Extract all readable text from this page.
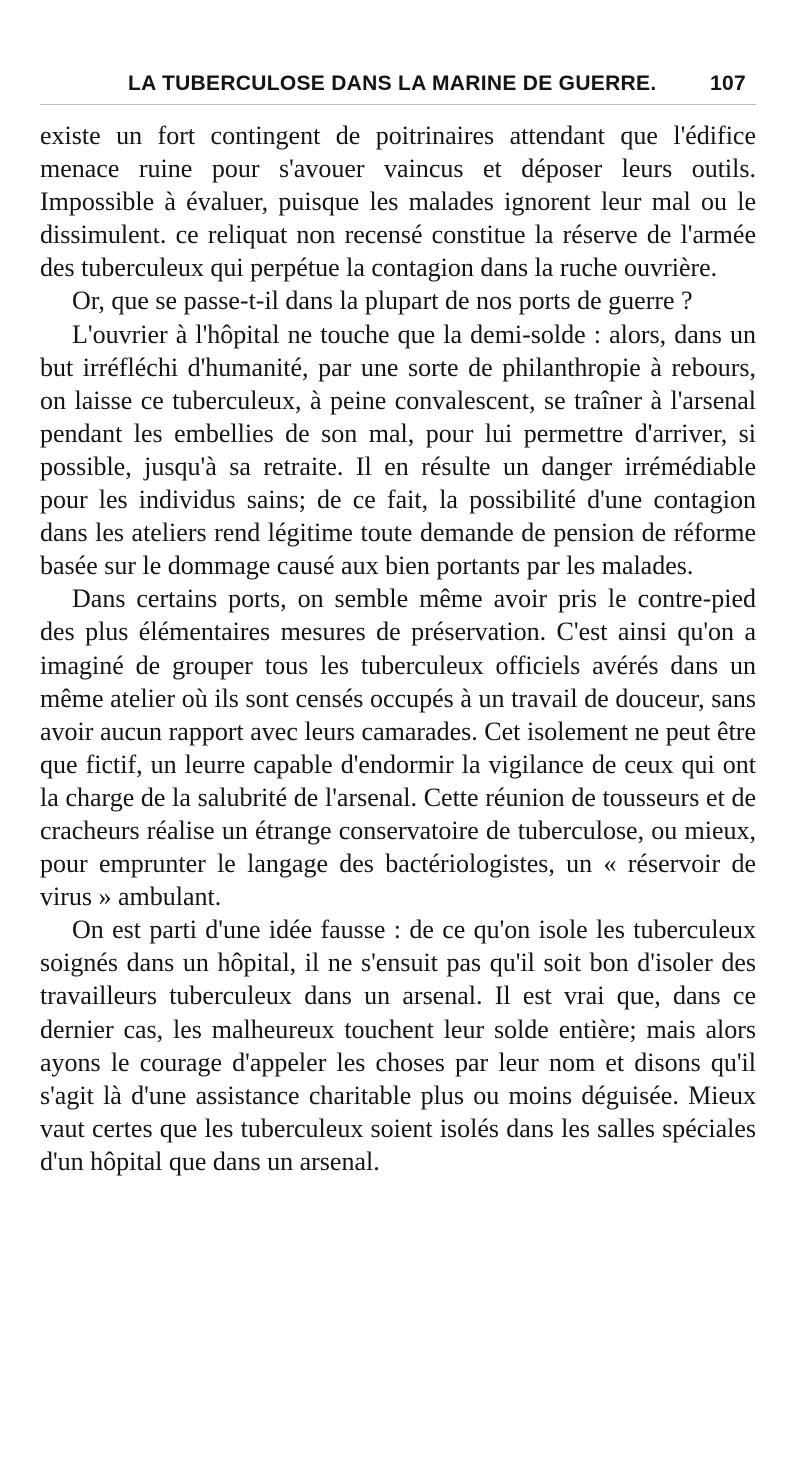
LA TUBERCULOSE DANS LA MARINE DE GUERRE.	107

existe un fort contingent de poitrinaires attendant que l'édifice menace ruine pour s'avouer vaincus et déposer leurs outils. Impossible à évaluer, puisque les malades ignorent leur mal ou le dissimulent. ce reliquat non recensé constitue la réserve de l'armée des tuberculeux qui perpétue la contagion dans la ruche ouvrière.

Or, que se passe-t-il dans la plupart de nos ports de guerre ?

L'ouvrier à l'hôpital ne touche que la demi-solde : alors, dans un but irréfléchi d'humanité, par une sorte de philanthropie à rebours, on laisse ce tuberculeux, à peine convalescent, se traîner à l'arsenal pendant les embellies de son mal, pour lui permettre d'arriver, si possible, jusqu'à sa retraite. Il en résulte un danger irrémédiable pour les individus sains; de ce fait, la possibilité d'une contagion dans les ateliers rend légitime toute demande de pension de réforme basée sur le dommage causé aux bien portants par les malades.

Dans certains ports, on semble même avoir pris le contre-pied des plus élémentaires mesures de préservation. C'est ainsi qu'on a imaginé de grouper tous les tuberculeux officiels avérés dans un même atelier où ils sont censés occupés à un travail de douceur, sans avoir aucun rapport avec leurs camarades. Cet isolement ne peut être que fictif, un leurre capable d'endormir la vigilance de ceux qui ont la charge de la salubrité de l'arsenal. Cette réunion de tousseurs et de cracheurs réalise un étrange conservatoire de tuberculose, ou mieux, pour emprunter le langage des bactériologistes, un « réservoir de virus » ambulant.

On est parti d'une idée fausse : de ce qu'on isole les tuberculeux soignés dans un hôpital, il ne s'ensuit pas qu'il soit bon d'isoler des travailleurs tuberculeux dans un arsenal. Il est vrai que, dans ce dernier cas, les malheureux touchent leur solde entière; mais alors ayons le courage d'appeler les choses par leur nom et disons qu'il s'agit là d'une assistance charitable plus ou moins déguisée. Mieux vaut certes que les tuberculeux soient isolés dans les salles spéciales d'un hôpital que dans un arsenal.
